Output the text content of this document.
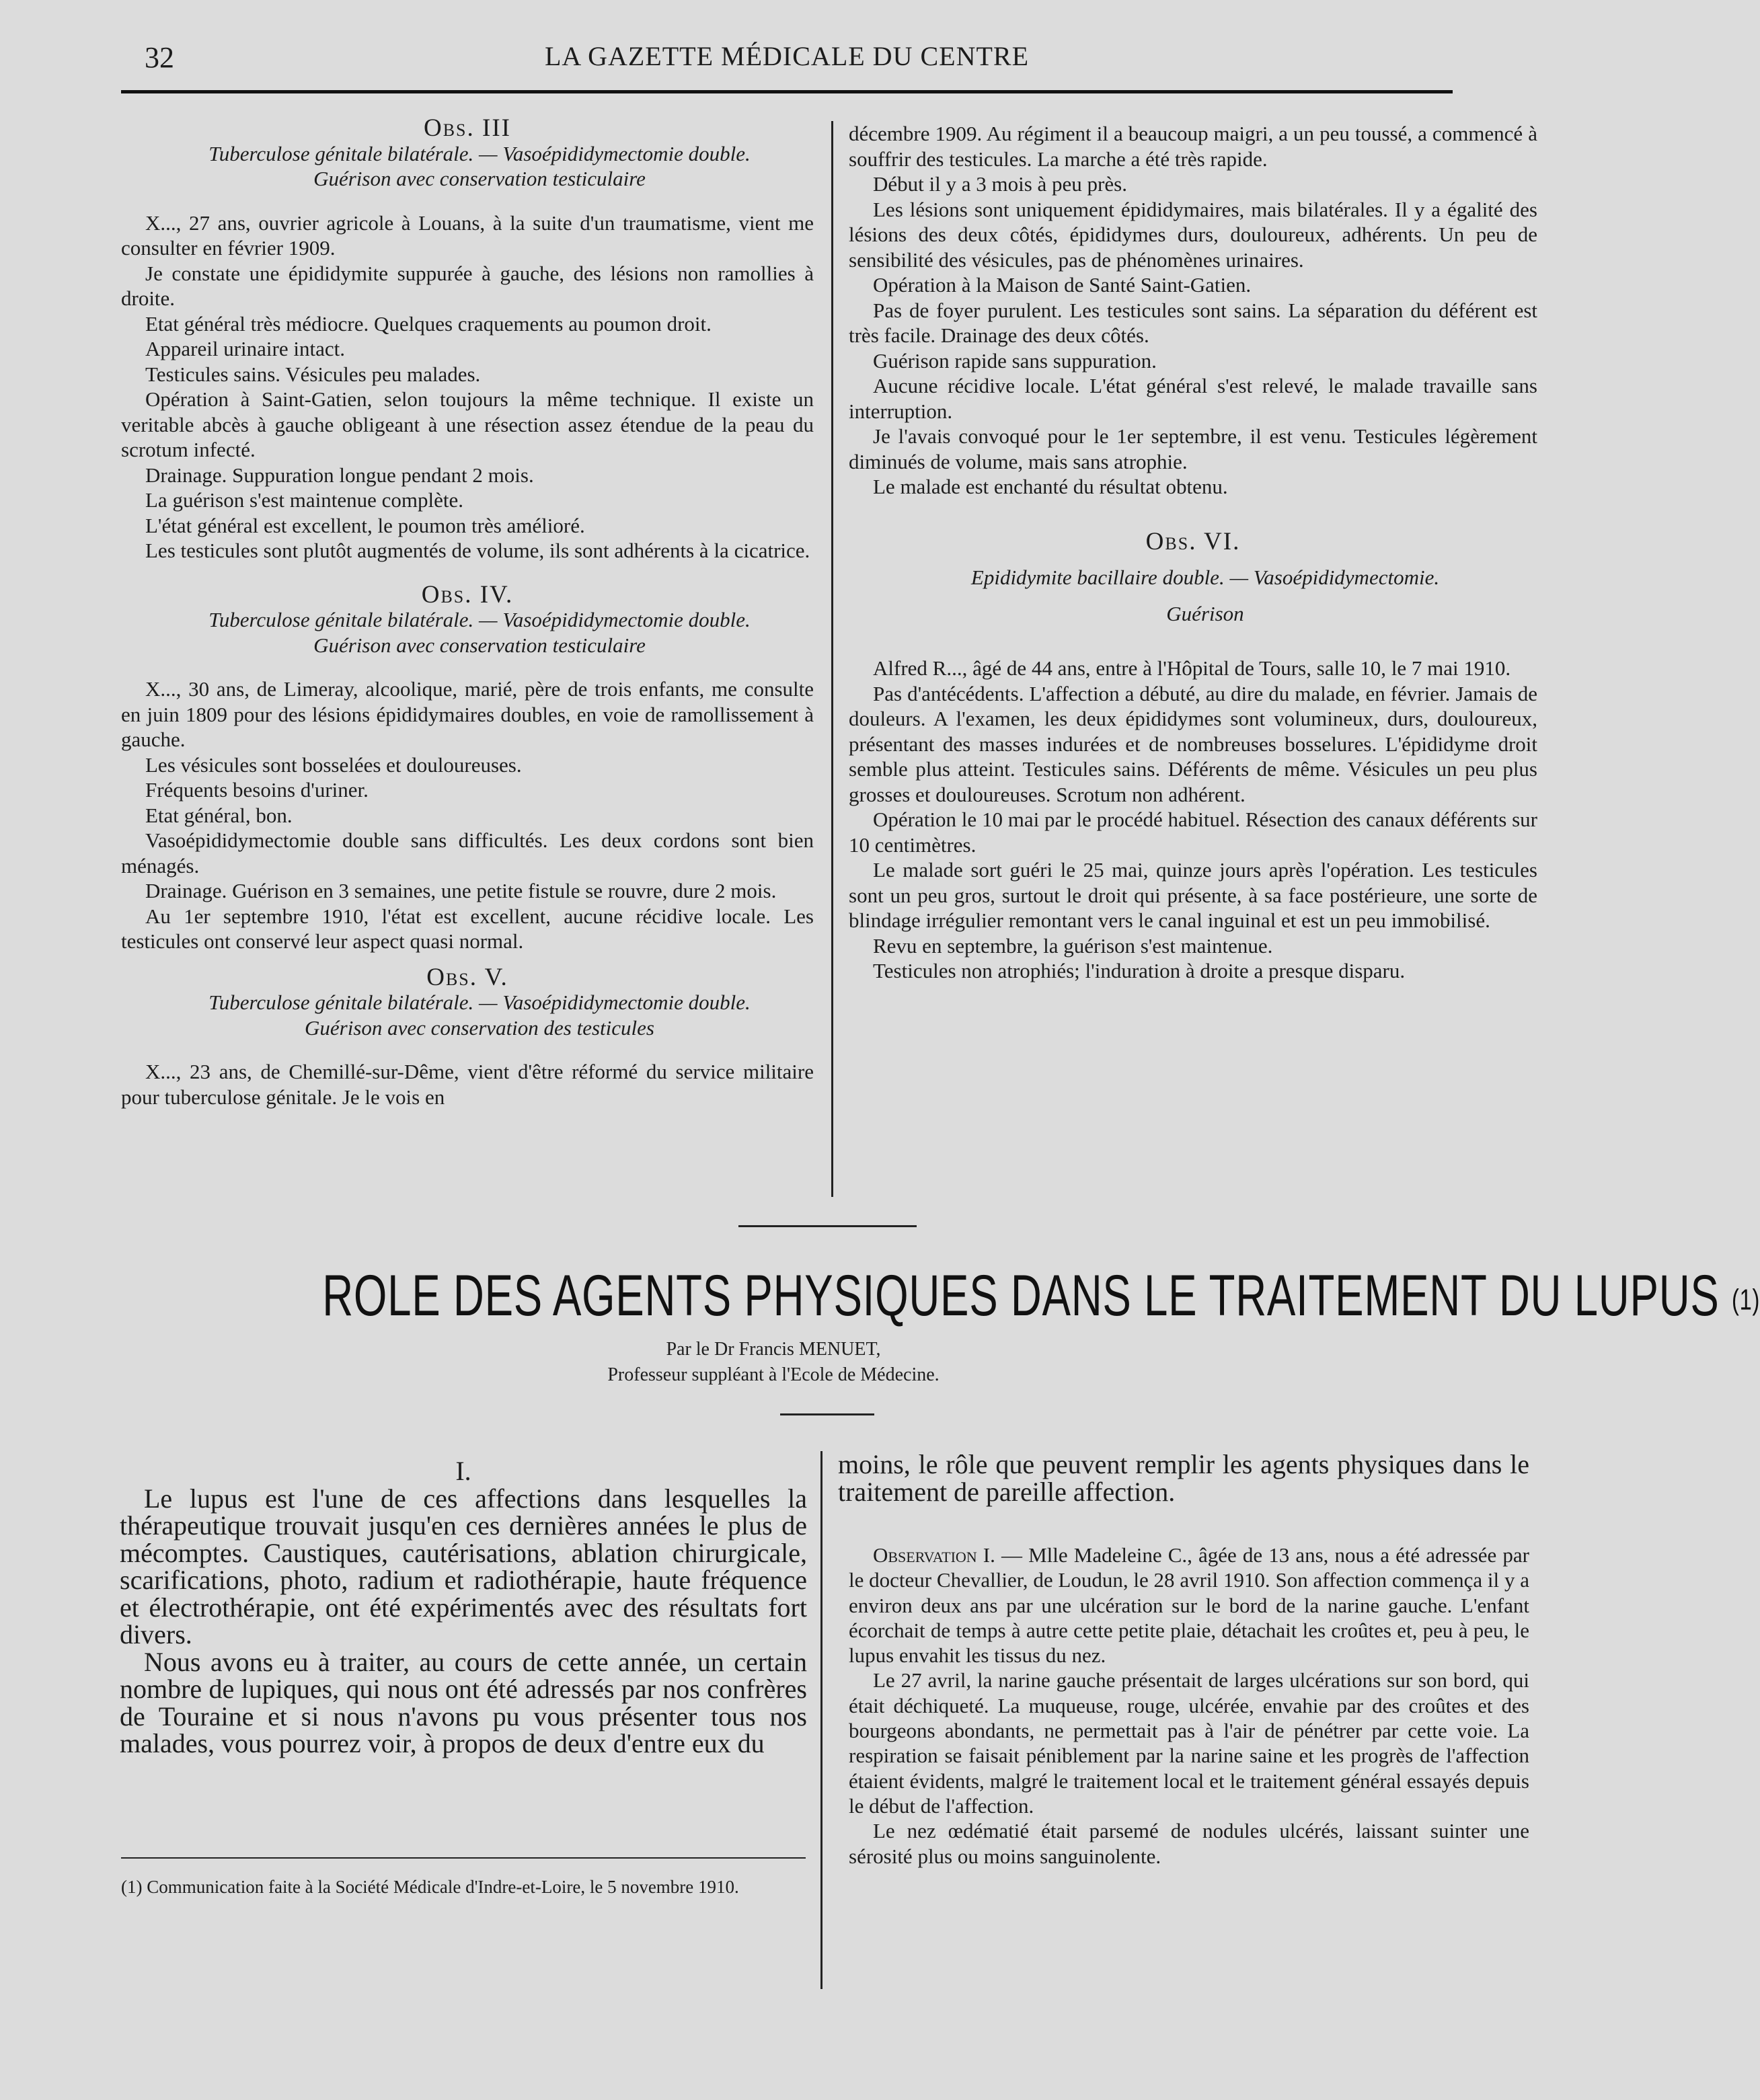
32	LA GAZETTE MÉDICALE DU CENTRE
Obs. III

Tuberculose génitale bilatérale. — Vasoépididymectomie double.

Guérison avec conservation testiculaire

X..., 27 ans, ouvrier agricole à Louans, à la suite d'un traumatisme, vient me consulter en février 1909.

Je constate une épididymite suppurée à gauche, des lésions non ramollies à droite.

Etat général très médiocre. Quelques craquements au poumon droit.

Appareil urinaire intact.

Testicules sains. Vésicules peu malades.

Opération à Saint-Gatien, selon toujours la même technique. Il existe un veritable abcès à gauche obligeant à une résection assez étendue de la peau du scrotum infecté.

Drainage. Suppuration longue pendant 2 mois.

La guérison s'est maintenue complète.

L'état général est excellent, le poumon très amélioré.

Les testicules sont plutôt augmentés de volume, ils sont adhérents à la cicatrice.

Obs. IV.

Tuberculose génitale bilatérale. — Vasoépididymectomie double.

Guérison avec conservation testiculaire

X..., 30 ans, de Limeray, alcoolique, marié, père de trois enfants, me consulte en juin 1809 pour des lésions épididymaires doubles, en voie de ramollissement à gauche.

Les vésicules sont bosselées et douloureuses.

Fréquents besoins d'uriner.

Etat général, bon.

Vasoépididymectomie double sans difficultés. Les deux cordons sont bien ménagés.

Drainage. Guérison en 3 semaines, une petite fistule se rouvre, dure 2 mois.

Au 1er septembre 1910, l'état est excellent, aucune récidive locale. Les testicules ont conservé leur aspect quasi normal.

Obs. V.

Tuberculose génitale bilatérale. — Vasoépididymectomie double.

Guérison avec conservation des testicules

X..., 23 ans, de Chemillé-sur-Dême, vient d'être réformé du service militaire pour tuberculose génitale. Je le vois en

décembre 1909. Au régiment il a beaucoup maigri, a un peu toussé, a commencé à souffrir des testicules. La marche a été très rapide.

Début il y a 3 mois à peu près.

Les lésions sont uniquement épididymaires, mais bilatérales. Il y a égalité des lésions des deux côtés, épididymes durs, douloureux, adhérents. Un peu de sensibilité des vésicules, pas de phénomènes urinaires.

Opération à la Maison de Santé Saint-Gatien.

Pas de foyer purulent. Les testicules sont sains. La séparation du déférent est très facile. Drainage des deux côtés.

Guérison rapide sans suppuration.

Aucune récidive locale. L'état général s'est relevé, le malade travaille sans interruption.

Je l'avais convoqué pour le 1er septembre, il est venu. Testicules légèrement diminués de volume, mais sans atrophie.

Le malade est enchanté du résultat obtenu.

Obs. VI.

Epididymite bacillaire double. — Vasoépididymectomie.

Guérison

Alfred R..., âgé de 44 ans, entre à l'Hôpital de Tours, salle 10, le 7 mai 1910.

Pas d'antécédents. L'affection a débuté, au dire du malade, en février. Jamais de douleurs. A l'examen, les deux épididymes sont volumineux, durs, douloureux, présentant des masses indurées et de nombreuses bosselures. L'épididyme droit semble plus atteint. Testicules sains. Déférents de même. Vésicules un peu plus grosses et douloureuses. Scrotum non adhérent.

Opération le 10 mai par le procédé habituel. Résection des canaux déférents sur 10 centimètres.

Le malade sort guéri le 25 mai, quinze jours après l'opération. Les testicules sont un peu gros, surtout le droit qui présente, à sa face postérieure, une sorte de blindage irrégulier remontant vers le canal inguinal et est un peu immobilisé.

Revu en septembre, la guérison s'est maintenue.

Testicules non atrophiés; l'induration à droite a presque disparu.

ROLE DES AGENTS PHYSIQUES DANS LE TRAITEMENT DU LUPUS (1)
Par le Dr Francis MENUET,
Professeur suppléant à l'Ecole de Médecine.

I.

Le lupus est l'une de ces affections dans lesquelles la thérapeutique trouvait jusqu'en ces dernières années le plus de mécomptes. Caustiques, cautérisations, ablation chirurgicale, scarifications, photo, radium et radiothérapie, haute fréquence et électrothérapie, ont été expérimentés avec des résultats fort divers.

Nous avons eu à traiter, au cours de cette année, un certain nombre de lupiques, qui nous ont été adressés par nos confrères de Touraine et si nous n'avons pu vous présenter tous nos malades, vous pourrez voir, à propos de deux d'entre eux du

(1) Communication faite à la Société Médicale d'Indre-et-Loire, le 5 novembre 1910.

moins, le rôle que peuvent remplir les agents physiques dans le traitement de pareille affection.

Observation I. — Mlle Madeleine C., âgée de 13 ans, nous a été adressée par le docteur Chevallier, de Loudun, le 28 avril 1910. Son affection commença il y a environ deux ans par une ulcération sur le bord de la narine gauche. L'enfant écorchait de temps à autre cette petite plaie, détachait les croûtes et, peu à peu, le lupus envahit les tissus du nez.

Le 27 avril, la narine gauche présentait de larges ulcérations sur son bord, qui était déchiqueté. La muqueuse, rouge, ulcérée, envahie par des croûtes et des bourgeons abondants, ne permettait pas à l'air de pénétrer par cette voie. La respiration se faisait péniblement par la narine saine et les progrès de l'affection étaient évidents, malgré le traitement local et le traitement général essayés depuis le début de l'affection.

Le nez œdématié était parsemé de nodules ulcérés, laissant suinter une sérosité plus ou moins sanguinolente.
